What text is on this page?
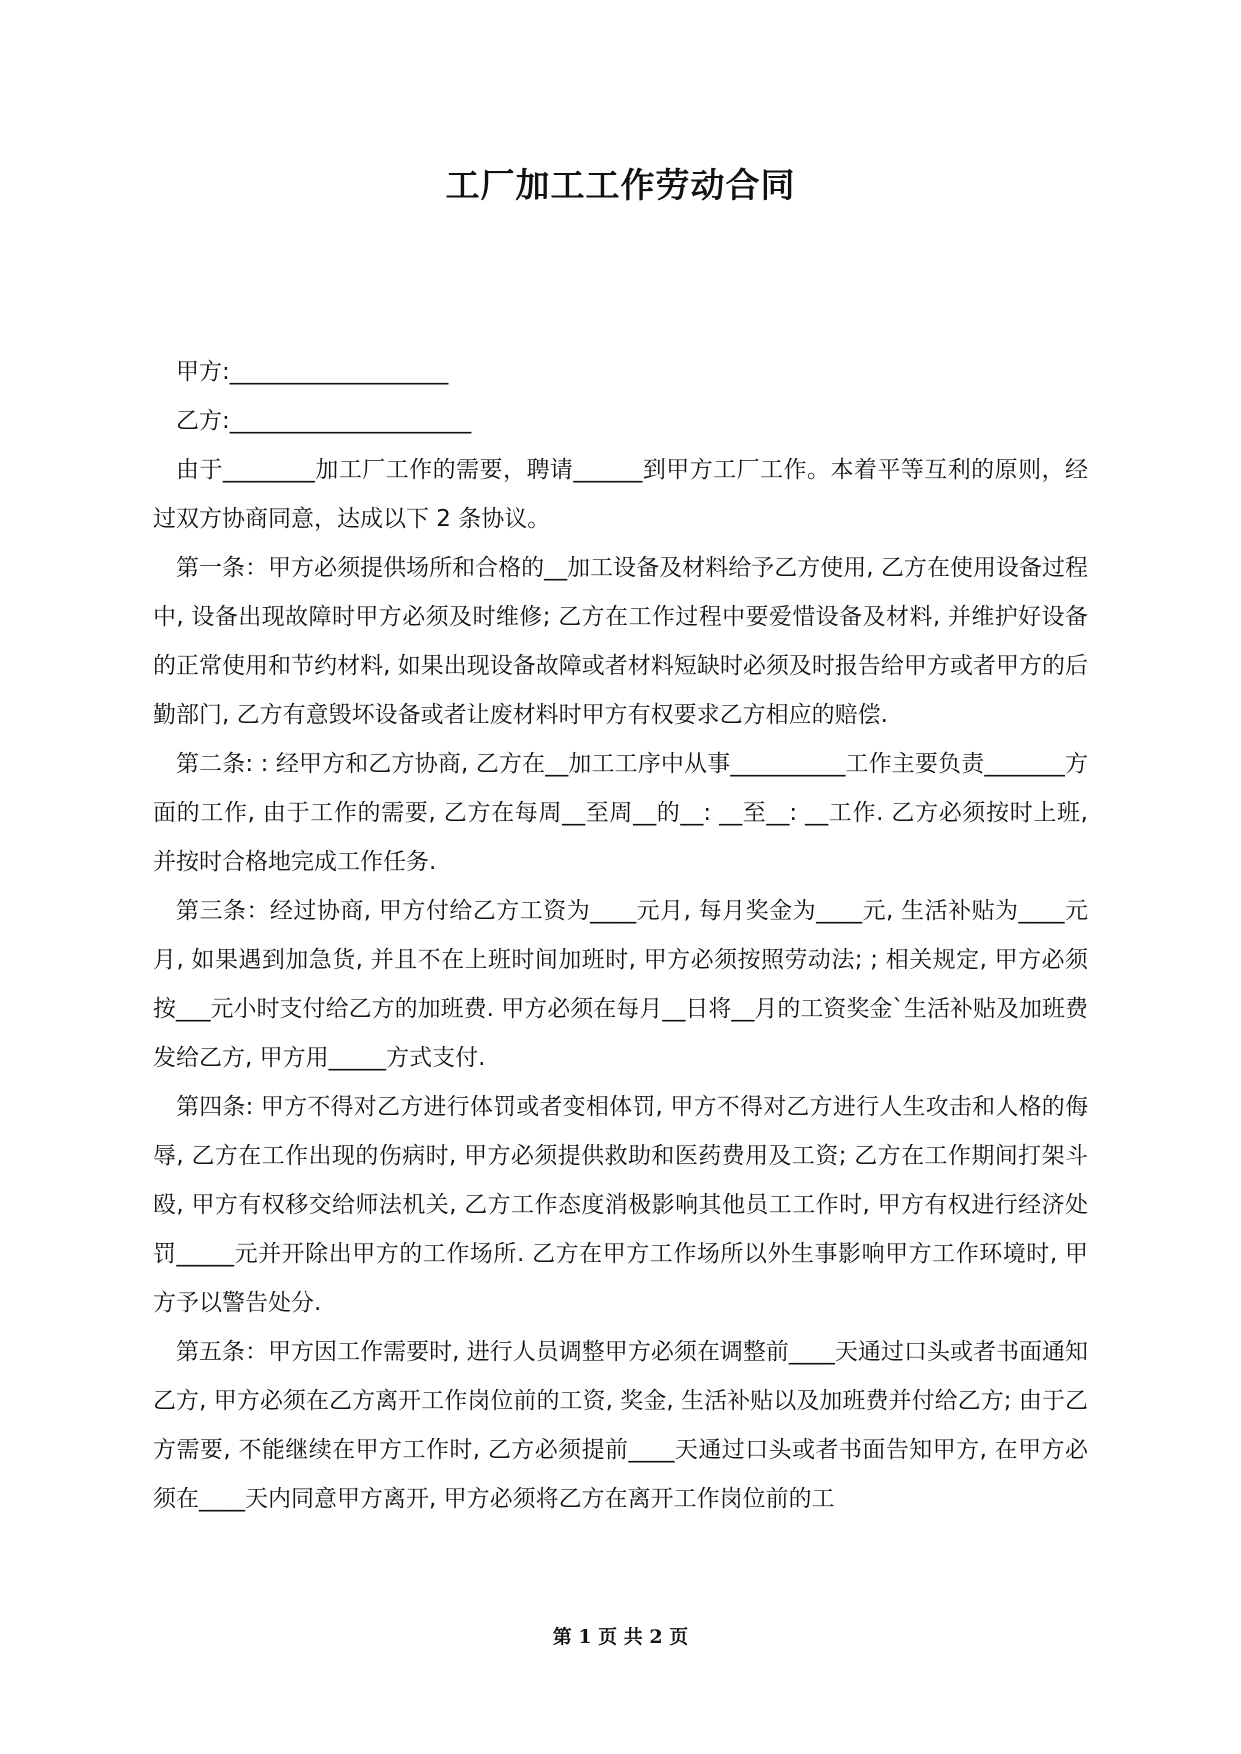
工厂加工工作劳动合同

甲方:___________________

乙方:_____________________

由于________加工厂工作的需要，聘请______到甲方工厂工作。本着平等互利的原则，经过双方协商同意，达成以下 2 条协议。

第一条：甲方必须提供场所和合格的__加工设备及材料给予乙方使用, 乙方在使用设备过程中, 设备出现故障时甲方必须及时维修; 乙方在工作过程中要爱惜设备及材料, 并维护好设备的正常使用和节约材料, 如果出现设备故障或者材料短缺时必须及时报告给甲方或者甲方的后勤部门, 乙方有意毁坏设备或者让废材料时甲方有权要求乙方相应的赔偿.

第二条: : 经甲方和乙方协商, 乙方在__加工工序中从事__________工作主要负责_______方面的工作, 由于工作的需要, 乙方在每周__至周__的__: __至__: __工作. 乙方必须按时上班, 并按时合格地完成工作任务.

第三条：经过协商, 甲方付给乙方工资为____元月, 每月奖金为____元, 生活补贴为____元月, 如果遇到加急货, 并且不在上班时间加班时, 甲方必须按照劳动法; ; 相关规定, 甲方必须按___元小时支付给乙方的加班费. 甲方必须在每月__日将__月的工资奖金`生活补贴及加班费发给乙方, 甲方用_____方式支付.

第四条: 甲方不得对乙方进行体罚或者变相体罚, 甲方不得对乙方进行人生攻击和人格的侮辱, 乙方在工作出现的伤病时, 甲方必须提供救助和医药费用及工资; 乙方在工作期间打架斗殴, 甲方有权移交给师法机关, 乙方工作态度消极影响其他员工工作时, 甲方有权进行经济处罚_____元并开除出甲方的工作场所. 乙方在甲方工作场所以外生事影响甲方工作环境时, 甲方予以警告处分.

第五条：甲方因工作需要时, 进行人员调整甲方必须在调整前____天通过口头或者书面通知乙方, 甲方必须在乙方离开工作岗位前的工资, 奖金, 生活补贴以及加班费并付给乙方; 由于乙方需要, 不能继续在甲方工作时, 乙方必须提前____天通过口头或者书面告知甲方, 在甲方必须在____天内同意甲方离开, 甲方必须将乙方在离开工作岗位前的工

第 1 页 共 2 页
